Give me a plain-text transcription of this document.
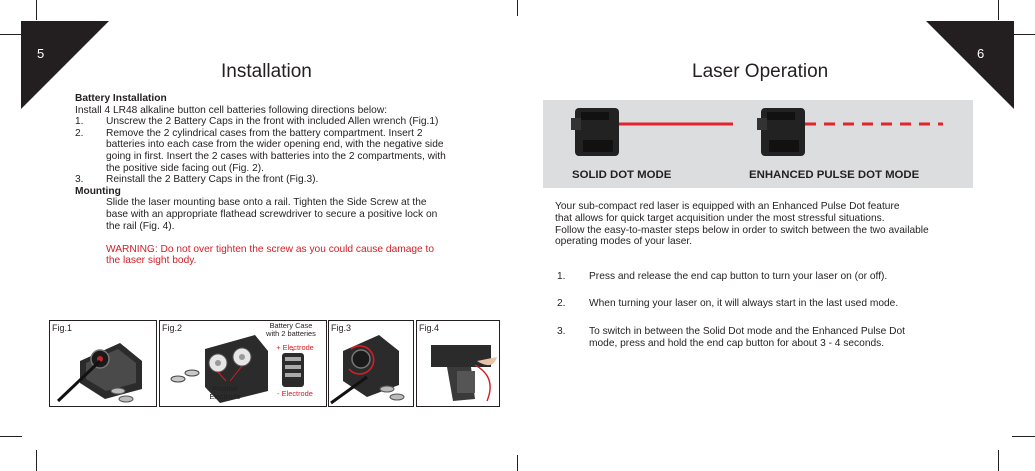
5	6
Installation

Battery Installation

Install 4 LR48 alkaline button cell batteries following directions below:

1.	Unscrew the 2 Battery Caps in the front with included Allen wrench (Fig.1)

2.	Remove the 2 cylindrical cases from the battery compartment. Insert 2

batteries into each case from the wider opening end, with the negative side

going in first. Insert the 2 cases with batteries into the 2 compartments, with

the positive side facing out (Fig. 2).

3.	Reinstall the 2 Battery Caps in the front (Fig.3).

Mounting

Slide the laser mounting base onto a rail. Tighten the Side Screw at the

base with an appropriate flathead screwdriver to secure a positive lock on

the rail (Fig. 4).

WARNING: Do not over tighten the screw as you could cause damage to

the laser sight body.

Fig.1	Fig.2	Battery Case
with 2 batteries
+ Electrode
- Electrode
Positive
Electrode
Fig.3	Fig.4
Laser Operation
SOLID DOT MODE	ENHANCED PULSE DOT MODE

Your sub-compact red laser is equipped with an Enhanced Pulse Dot feature

that allows for quick target acquisition under the most stressful situations.

Follow the easy-to-master steps below in order to switch between the two available

operating modes of your laser.

1.	Press and release the end cap button to turn your laser on (or off).
2.	When turning your laser on, it will always start in the last used mode.
3.	To switch in between the Solid Dot mode and the Enhanced Pulse Dot
mode, press and hold the end cap button for about 3 - 4 seconds.
